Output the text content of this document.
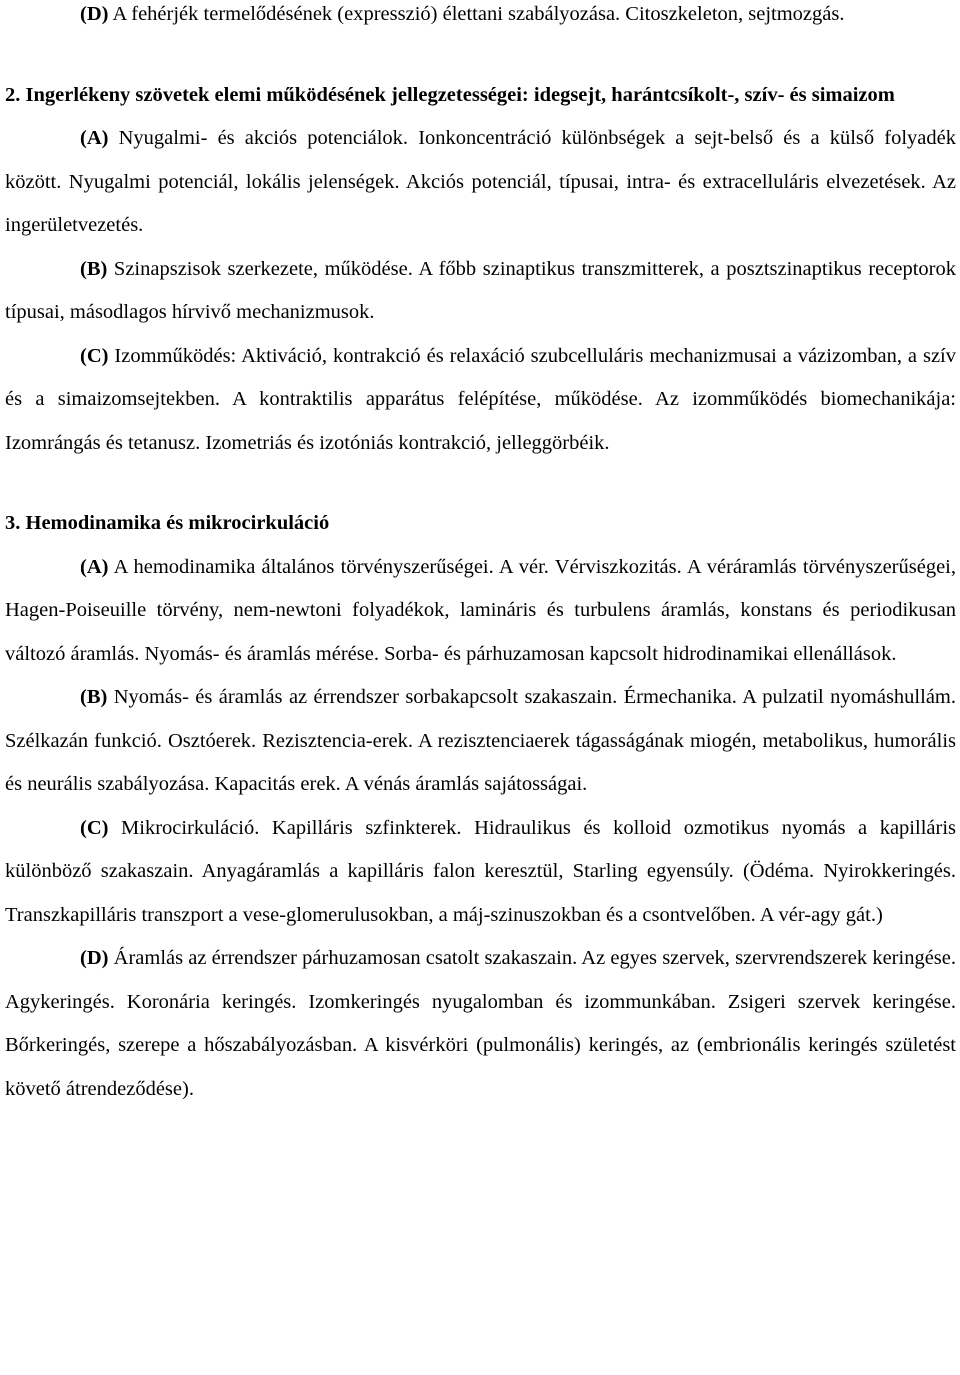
(D) A fehérjék termelődésének (expresszió) élettani szabályozása. Citoszkeleton, sejtmozgás.

2. Ingerlékeny szövetek elemi működésének jellegzetességei: idegsejt, harántcsíkolt-, szív- és simaizom

(A) Nyugalmi- és akciós potenciálok. Ionkoncentráció különbségek a sejt-belső és a külső folyadék között. Nyugalmi potenciál, lokális jelenségek. Akciós potenciál, típusai, intra- és extracelluláris elvezetések. Az ingerületvezetés.

(B) Szinapszisok szerkezete, működése. A főbb szinaptikus transzmitterek, a posztszinaptikus receptorok típusai, másodlagos hírvivő mechanizmusok.

(C) Izomműködés: Aktiváció, kontrakció és relaxáció szubcelluláris mechanizmusai a vázizomban, a szív és a simaizomsejtekben. A kontraktilis apparátus felépítése, működése. Az izomműködés biomechanikája: Izomrángás és tetanusz. Izometriás és izotóniás kontrakció, jelleggörbéik.

3. Hemodinamika és mikrocirkuláció

(A) A hemodinamika általános törvényszerűségei. A vér. Vérviszkozitás. A véráramlás törvényszerűségei, Hagen-Poiseuille törvény, nem-newtoni folyadékok, lamináris és turbulens áramlás, konstans és periodikusan változó áramlás. Nyomás- és áramlás mérése. Sorba- és párhuzamosan kapcsolt hidrodinamikai ellenállások.

(B) Nyomás- és áramlás az érrendszer sorbakapcsolt szakaszain. Érmechanika. A pulzatil nyomáshullám. Szélkazán funkció. Osztóerek. Rezisztencia-erek. A rezisztenciaerek tágasságának miogén, metabolikus, humorális és neurális szabályozása. Kapacitás erek. A vénás áramlás sajátosságai.

(C) Mikrocirkuláció. Kapilláris szfinkterek. Hidraulikus és kolloid ozmotikus nyomás a kapilláris különböző szakaszain. Anyagáramlás a kapilláris falon keresztül, Starling egyensúly. (Ödéma. Nyirokkeringés. Transzkapilláris transzport a vese-glomerulusokban, a máj-szinuszokban és a csontvelőben. A vér-agy gát.)

(D) Áramlás az érrendszer párhuzamosan csatolt szakaszain. Az egyes szervek, szervrendszerek keringése. Agykeringés. Koronária keringés. Izomkeringés nyugalomban és izommunkában. Zsigeri szervek keringése. Bőrkeringés, szerepe a hőszabályozásban. A kisvérköri (pulmonális) keringés, az (embrionális keringés születést követő átrendeződése).
